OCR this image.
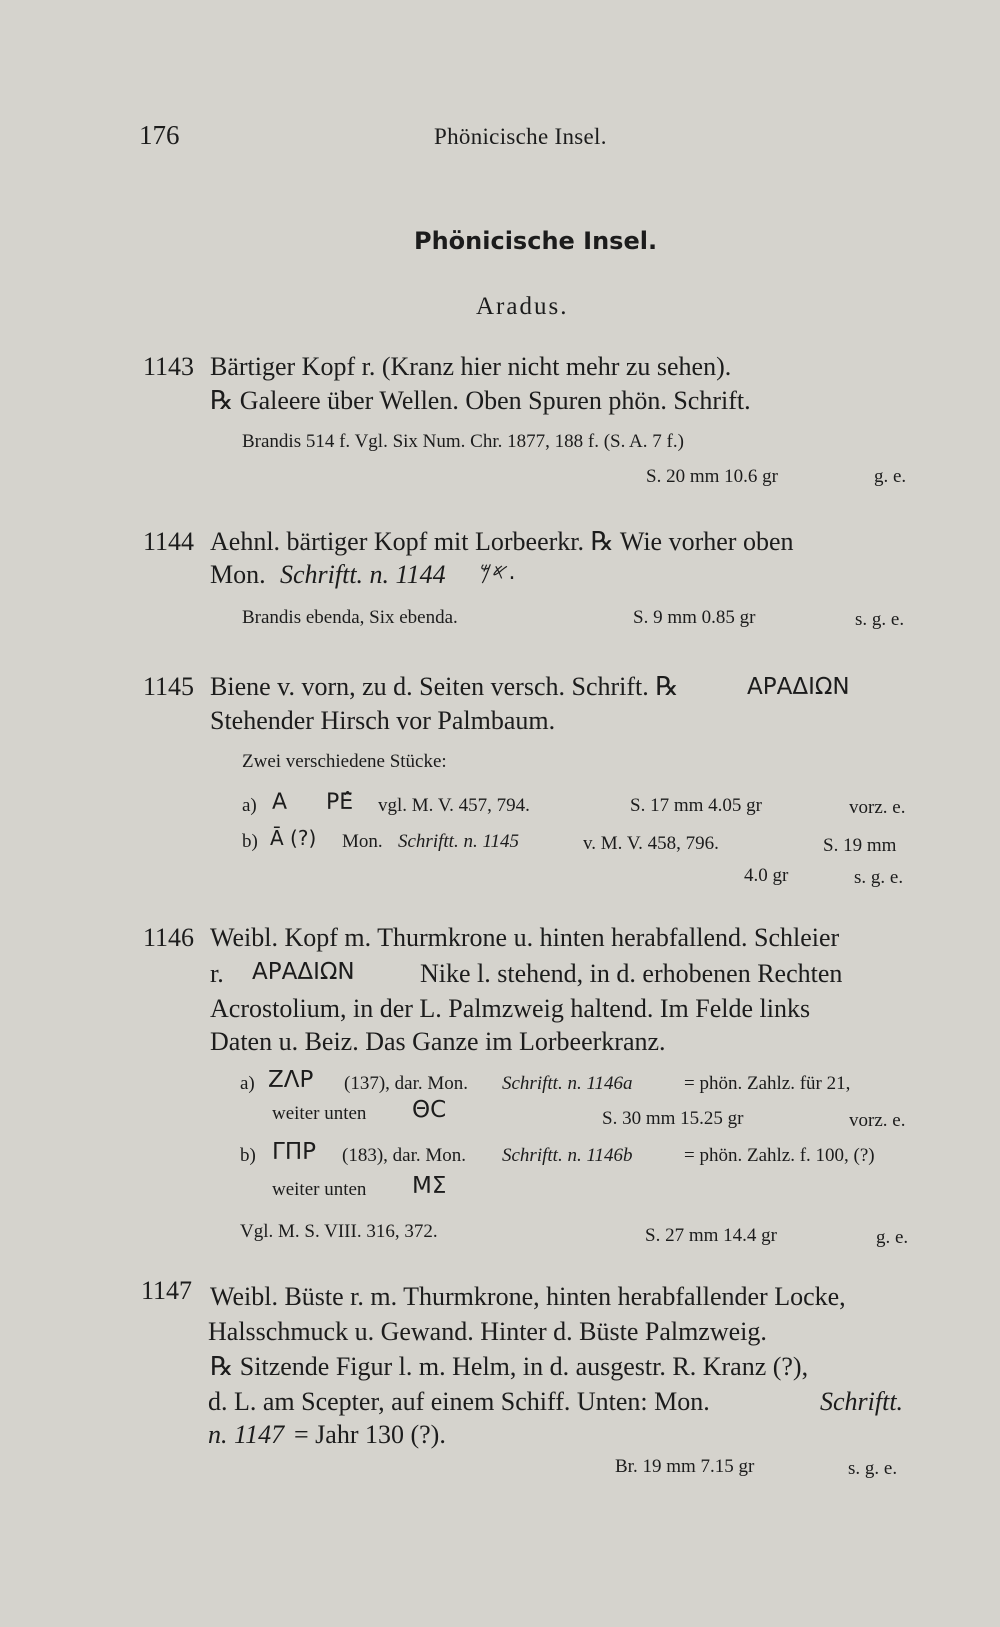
176	Phönicische Insel.
Phönicische Insel.
Aradus.
1143 Bärtiger Kopf r. (Kranz hier nicht mehr zu sehen).
℞ Galeere über Wellen. Oben Spuren phön. Schrift.
Brandis 514 f. Vgl. Six Num. Chr. 1877, 188 f. (S. A. 7 f.)
S. 20 mm 10.6 gr	g. e.
1144 Aehnl. bärtiger Kopf mit Lorbeerkr. ℞ Wie vorher oben
Mon. Schriftt. n. 1144 𐤀𐤌.
Brandis ebenda, Six ebenda.	S. 9 mm 0.85 gr	s. g. e.
1145 Biene v. vorn, zu d. Seiten versch. Schrift. ℞	ΑΡΑΔΙΩΝ
Stehender Hirsch vor Palmbaum.
Zwei verschiedene Stücke:
a) Α ΡΕ̂ vgl. M. V. 457, 794.	S. 17 mm 4.05 gr	vorz. e.
b) Ᾱ (?) Mon. Schriftt. n. 1145	v. M. V. 458, 796.	S. 19 mm
4.0 gr	s. g. e.
1146 Weibl. Kopf m. Thurmkrone u. hinten herabfallend. Schleier
r. ΑΡΑΔΙΩΝ	Nike l. stehend, in d. erhobenen Rechten
Acrostolium, in der L. Palmzweig haltend. Im Felde links
Daten u. Beiz. Das Ganze im Lorbeerkranz.
a) ΖΛΡ (137), dar. Mon. Schriftt. n. 1146a	= phön. Zahlz. für 21,
weiter unten ΘC	S. 30 mm 15.25 gr	vorz. e.
b) ΓΠΡ (183), dar. Mon. Schriftt. n. 1146b	= phön. Zahlz. f. 100, (?)
weiter unten ΜΣ
Vgl. M. S. VIII. 316, 372.	S. 27 mm 14.4 gr	g. e.
1147 Weibl. Büste r. m. Thurmkrone, hinten herabfallender Locke,
Halsschmuck u. Gewand. Hinter d. Büste Palmzweig.
℞ Sitzende Figur l. m. Helm, in d. ausgestr. R. Kranz (?),
d. L. am Scepter, auf einem Schiff. Unten: Mon.	Schriftt.
n. 1147 = Jahr 130 (?).
Br. 19 mm 7.15 gr	s. g. e.
